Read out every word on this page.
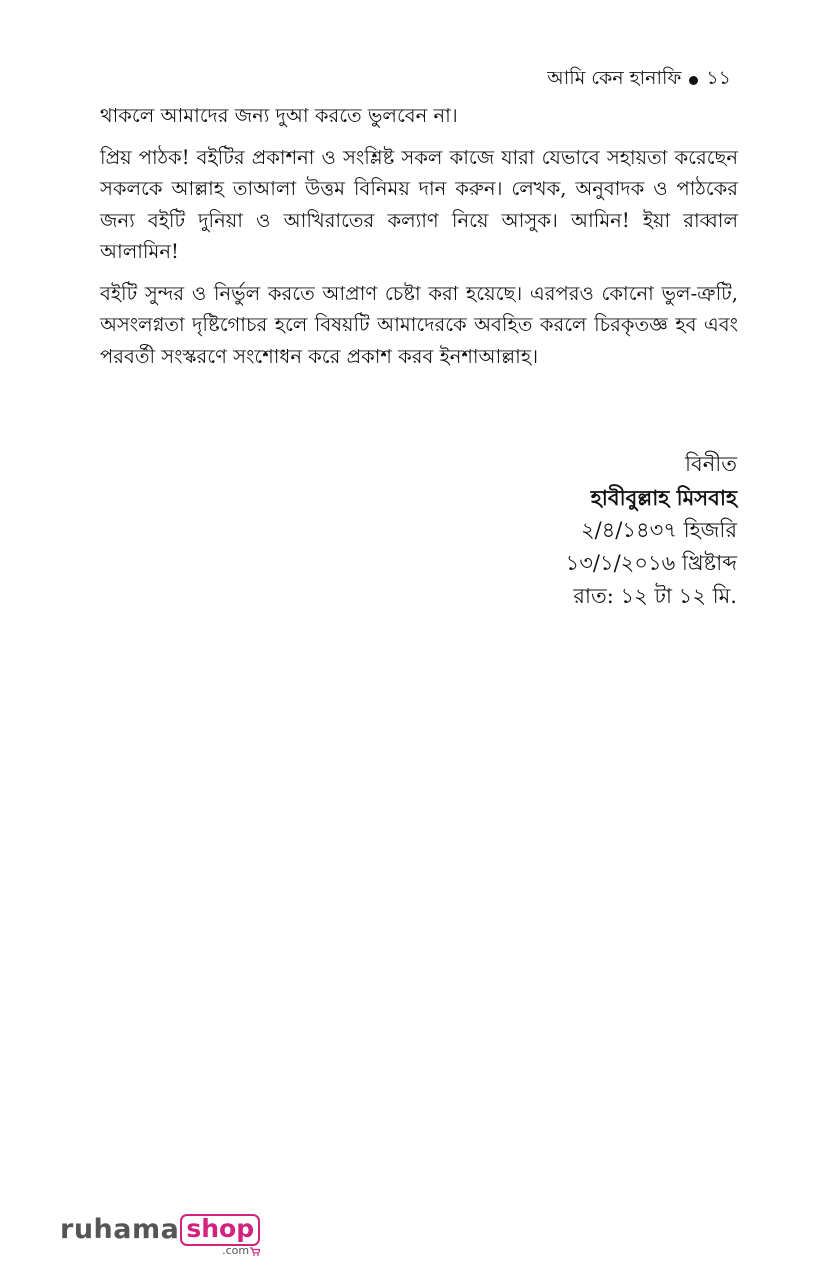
আমি কেন হানাফি ১১

থাকলে আমাদের জন্য দুআ করতে ভুলবেন না।

প্রিয় পাঠক! বইটির প্রকাশনা ও সংশ্লিষ্ট সকল কাজে যারা যেভাবে সহায়তা করেছেন সকলকে আল্লাহ তাআলা উত্তম বিনিময় দান করুন। লেখক, অনুবাদক ও পাঠকের জন্য বইটি দুনিয়া ও আখিরাতের কল্যাণ নিয়ে আসুক। আমিন! ইয়া রাব্বাল আলামিন!

বইটি সুন্দর ও নির্ভুল করতে আপ্রাণ চেষ্টা করা হয়েছে। এরপরও কোনো ভুল-ত্রুটি, অসংলগ্নতা দৃষ্টিগোচর হলে বিষয়টি আমাদেরকে অবহিত করলে চিরকৃতজ্ঞ হব এবং পরবর্তী সংস্করণে সংশোধন করে প্রকাশ করব ইনশাআল্লাহ।

বিনীত
হাবীবুল্লাহ মিসবাহ
২/৪/১৪৩৭ হিজরি
১৩/১/২০১৬ খ্রিষ্টাব্দ
রাত: ১২ টা ১২ মি.
ruhama shop
.com
